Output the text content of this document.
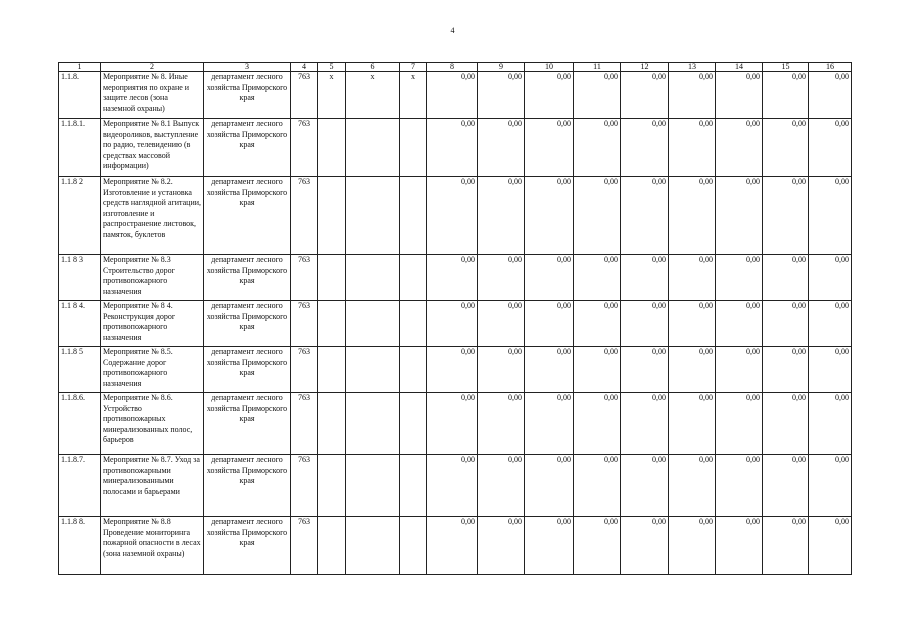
4
1	2	3	4	5	6	7	8	9	10	11	12	13	14	15	16
1.1.8.	Мероприятие № 8. Иные мероприятия по охране и защите лесов (зона наземной охраны)	департамент лесного хозяйства Приморского края	763	х	х	х	0,00	0,00	0,00	0,00	0,00	0,00	0,00	0,00	0,00
1.1.8.1.	Мероприятие № 8.1 Выпуск видеороликов, выступление по радио, телевидению (в средствах массовой информации)	департамент лесного хозяйства Приморского края	763				0,00	0,00	0,00	0,00	0,00	0,00	0,00	0,00	0,00
1.1.8 2	Мероприятие № 8.2. Изготовление и установка средств наглядной агитации, изготовление и распространение листовок, памяток, буклетов	департамент лесного хозяйства Приморского края	763				0,00	0,00	0,00	0,00	0,00	0,00	0,00	0,00	0,00
1.1 8 3	Мероприятие № 8.3 Строительство дорог противопожарного назначения	департамент лесного хозяйства Приморского края	763				0,00	0,00	0,00	0,00	0,00	0,00	0,00	0,00	0,00
1.1 8 4.	Мероприятие № 8 4. Реконструкция дорог противопожарного назначения	департамент лесного хозяйства Приморского края	763				0,00	0,00	0,00	0,00	0,00	0,00	0,00	0,00	0,00
1.1.8 5	Мероприятие № 8.5. Содержание дорог противопожарного назначения	департамент лесного хозяйства Приморского края	763				0,00	0,00	0,00	0,00	0,00	0,00	0,00	0,00	0,00
1.1.8.6.	Мероприятие № 8.6. Устройство противопожарных минерализованных полос, барьеров	департамент лесного хозяйства Приморского края	763				0,00	0,00	0,00	0,00	0,00	0,00	0,00	0,00	0,00
1.1.8.7.	Мероприятие № 8.7. Уход за противопожарными минерализованными полосами и барьерами	департамент лесного хозяйства Приморского края	763				0,00	0,00	0,00	0,00	0,00	0,00	0,00	0,00	0,00
1.1.8 8.	Мероприятие № 8.8 Проведение мониторинга пожарной опасности в лесах (зона наземной охраны)	департамент лесного хозяйства Приморского края	763				0,00	0,00	0,00	0,00	0,00	0,00	0,00	0,00	0,00
